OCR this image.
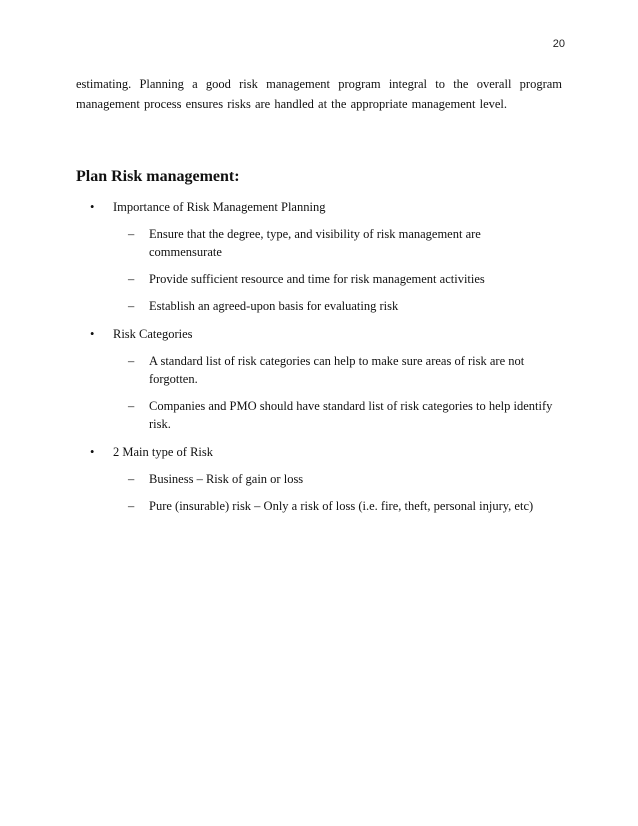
20

estimating. Planning a good risk management program integral to the overall program management process ensures risks are handled at the appropriate management level.

Plan Risk management:
• Importance of Risk Management Planning
– Ensure that the degree, type, and visibility of risk management are commensurate
– Provide sufficient resource and time for risk management activities
– Establish an agreed-upon basis for evaluating risk
• Risk Categories
– A standard list of risk categories can help to make sure areas of risk are not forgotten.
– Companies and PMO should have standard list of risk categories to help identify risk.
• 2 Main type of Risk
– Business – Risk of gain or loss
– Pure (insurable) risk – Only a risk of loss (i.e. fire, theft, personal injury, etc)
